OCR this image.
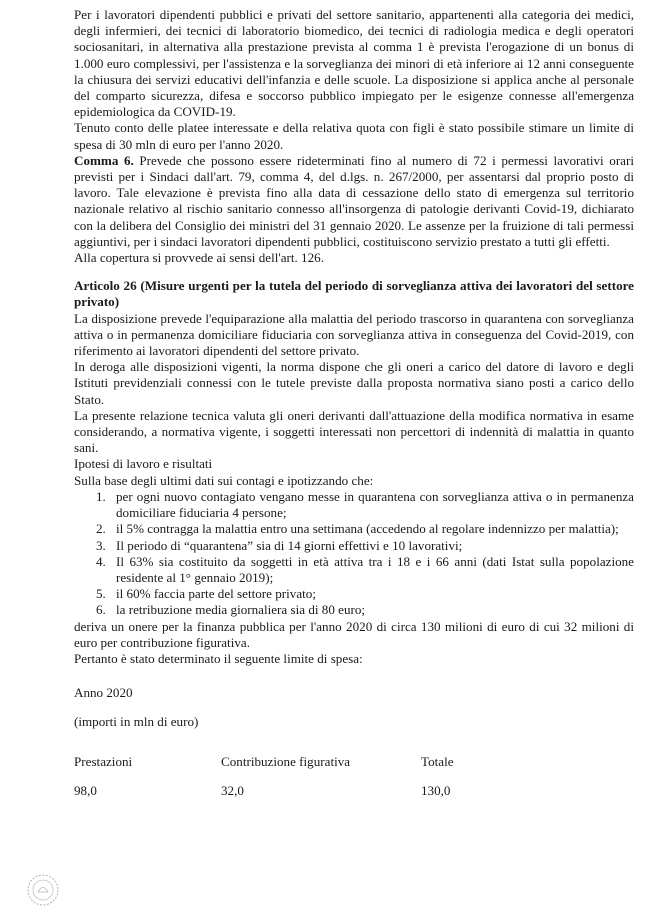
Per i lavoratori dipendenti pubblici e privati del settore sanitario, appartenenti alla categoria dei medici, degli infermieri, dei tecnici di laboratorio biomedico, dei tecnici di radiologia medica e degli operatori sociosanitari, in alternativa alla prestazione prevista al comma 1 è prevista l'erogazione di un bonus di 1.000 euro complessivi, per l'assistenza e la sorveglianza dei minori di età inferiore ai 12 anni conseguente la chiusura dei servizi educativi dell'infanzia e delle scuole. La disposizione si applica anche al personale del comparto sicurezza, difesa e soccorso pubblico impiegato per le esigenze connesse all'emergenza epidemiologica da COVID-19.

Tenuto conto delle platee interessate e della relativa quota con figli è stato possibile stimare un limite di spesa di 30 mln di euro per l'anno 2020.

Comma 6. Prevede che possono essere rideterminati fino al numero di 72 i permessi lavorativi orari previsti per i Sindaci dall'art. 79, comma 4, del d.lgs. n. 267/2000, per assentarsi dal proprio posto di lavoro. Tale elevazione è prevista fino alla data di cessazione dello stato di emergenza sul territorio nazionale relativo al rischio sanitario connesso all'insorgenza di patologie derivanti Covid-19, dichiarato con la delibera del Consiglio dei ministri del 31 gennaio 2020. Le assenze per la fruizione di tali permessi aggiuntivi, per i sindaci lavoratori dipendenti pubblici, costituiscono servizio prestato a tutti gli effetti.

Alla copertura si provvede ai sensi dell'art. 126.

Articolo 26 (Misure urgenti per la tutela del periodo di sorveglianza attiva dei lavoratori del settore privato)

La disposizione prevede l'equiparazione alla malattia del periodo trascorso in quarantena con sorveglianza attiva o in permanenza domiciliare fiduciaria con sorveglianza attiva in conseguenza del Covid-2019, con riferimento ai lavoratori dipendenti del settore privato.

In deroga alle disposizioni vigenti, la norma dispone che gli oneri a carico del datore di lavoro e degli Istituti previdenziali connessi con le tutele previste dalla proposta normativa siano posti a carico dello Stato.

La presente relazione tecnica valuta gli oneri derivanti dall'attuazione della modifica normativa in esame considerando, a normativa vigente, i soggetti interessati non percettori di indennità di malattia in quanto sani.

Ipotesi di lavoro e risultati

Sulla base degli ultimi dati sui contagi e ipotizzando che:

1. per ogni nuovo contagiato vengano messe in quarantena con sorveglianza attiva o in permanenza domiciliare fiduciaria 4 persone;
2. il 5% contragga la malattia entro una settimana (accedendo al regolare indennizzo per malattia);
3. Il periodo di “quarantena” sia di 14 giorni effettivi e 10 lavorativi;
4. Il 63% sia costituito da soggetti in età attiva tra i 18 e i 66 anni (dati Istat sulla popolazione residente al 1° gennaio 2019);
5. il 60% faccia parte del settore privato;
6. la retribuzione media giornaliera sia di 80 euro;

deriva un onere per la finanza pubblica per l'anno 2020 di circa 130 milioni di euro di cui 32 milioni di euro per contribuzione figurativa.

Pertanto è stato determinato il seguente limite di spesa:

Anno 2020
(importi in mln di euro)
Prestazioni	Contribuzione figurativa	Totale
98,0	32,0	130,0
